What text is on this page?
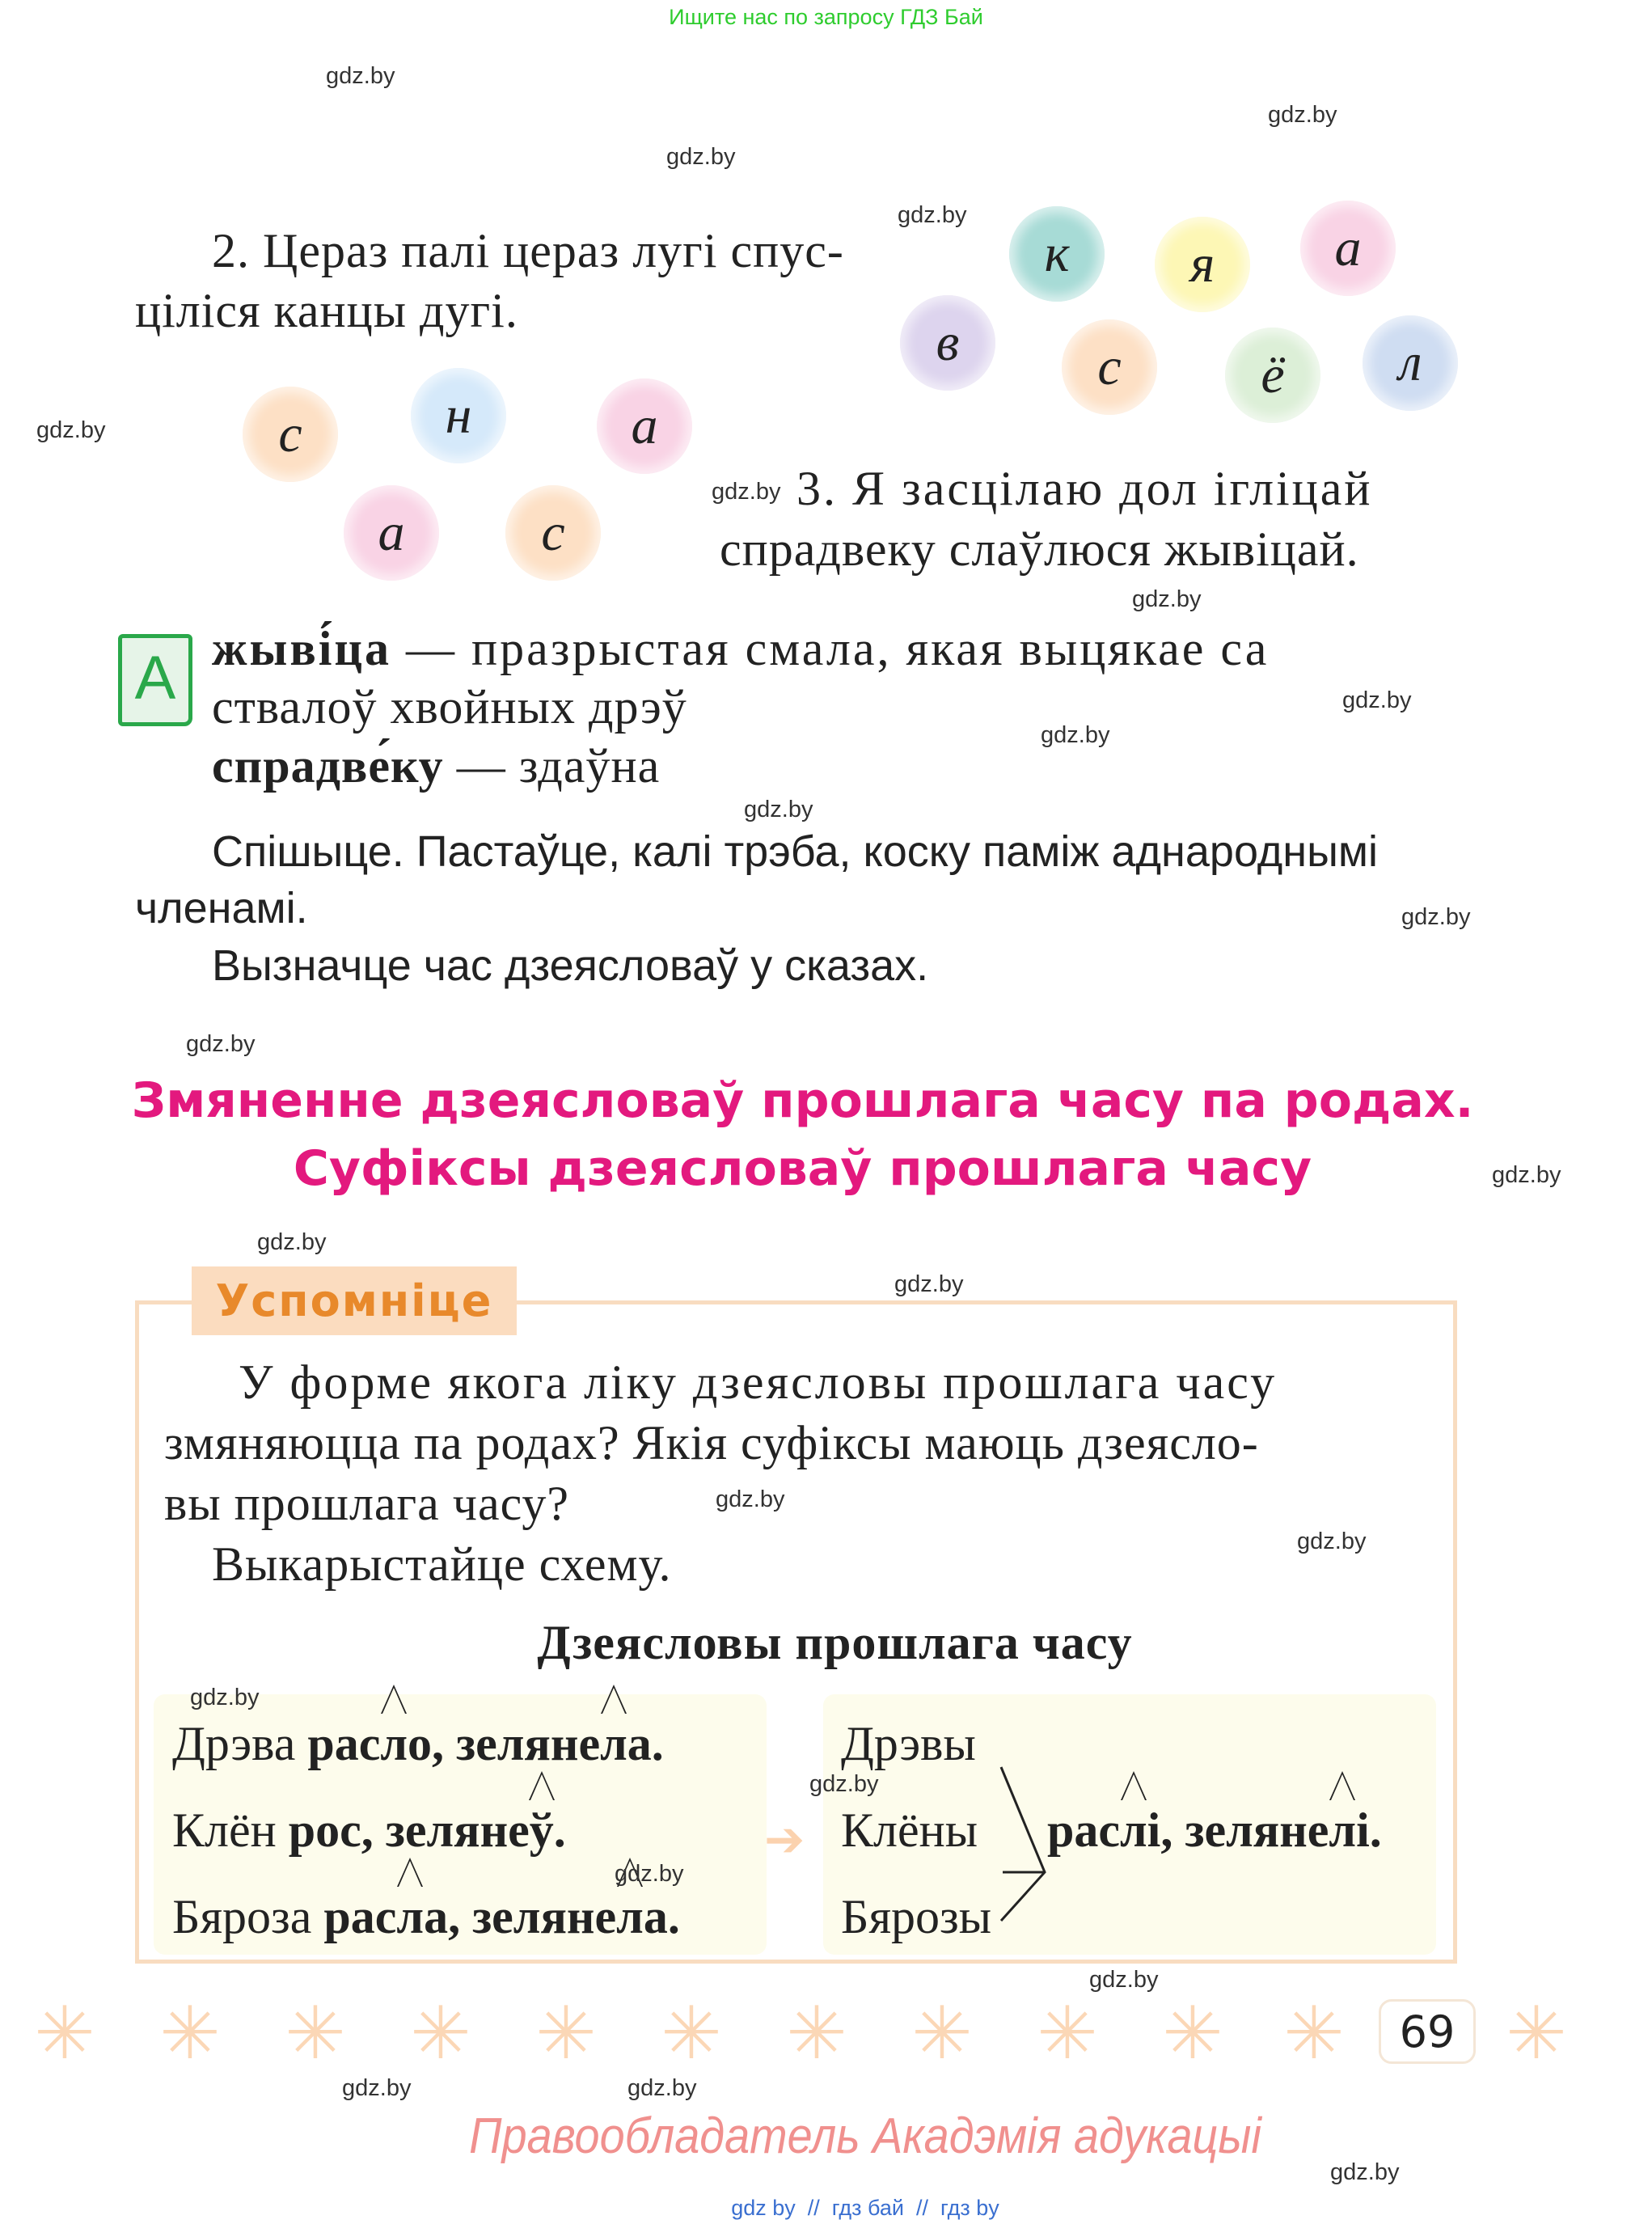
Ищите нас по запросу ГДЗ Бай
gdz.by
gdz.by
gdz.by
gdz.by
gdz.by
gdz.by
gdz.by
gdz.by
gdz.by
gdz.by
gdz.by
gdz.by
gdz.by
gdz.by
gdz.by
gdz.by
gdz.by
gdz.by
gdz.by
gdz.by
gdz.by
gdz.by	gdz.by
gdz.by
2. Цераз палі цераз лугі спус-
ціліся канцы дугі.
к	я	а
в	с	ё	л
с	н	а
а	с
3. Я засцілаю дол ігліцай
спрадвеку слаўлюся жывіцай.
A жыві́ца — празрыстая смала, якая выцякае са
ствалоў хвойных дрэў
спрадве́ку — здаўна
Спішыце. Пастаўце, калі трэба, коску паміж аднароднымі
членамі.
Вызначце час дзеясловаў у сказах.
Змяненне дзеясловаў прошлага часу па родах.
Суфіксы дзеясловаў прошлага часу
Успомніце
У форме якога ліку дзеясловы прошлага часу
змяняюцца па родах? Якія суфіксы маюць дзеясло-
вы прошлага часу?
Выкарыстайце схему.
Дзеясловы прошлага часу
Дрэва расло, зелянела.
Клён рос, зелянеў.
Бяроза расла, зелянела.
➔
Дрэвы
Клёны
Бярозы
раслі, зелянелі.
✳ ✳ ✳ ✳ ✳ ✳ ✳ ✳ ✳ ✳ ✳ ✳
69
Правообладатель Акадэмія адукацыі
gdz by  //  гдз бай  //  гдз by
